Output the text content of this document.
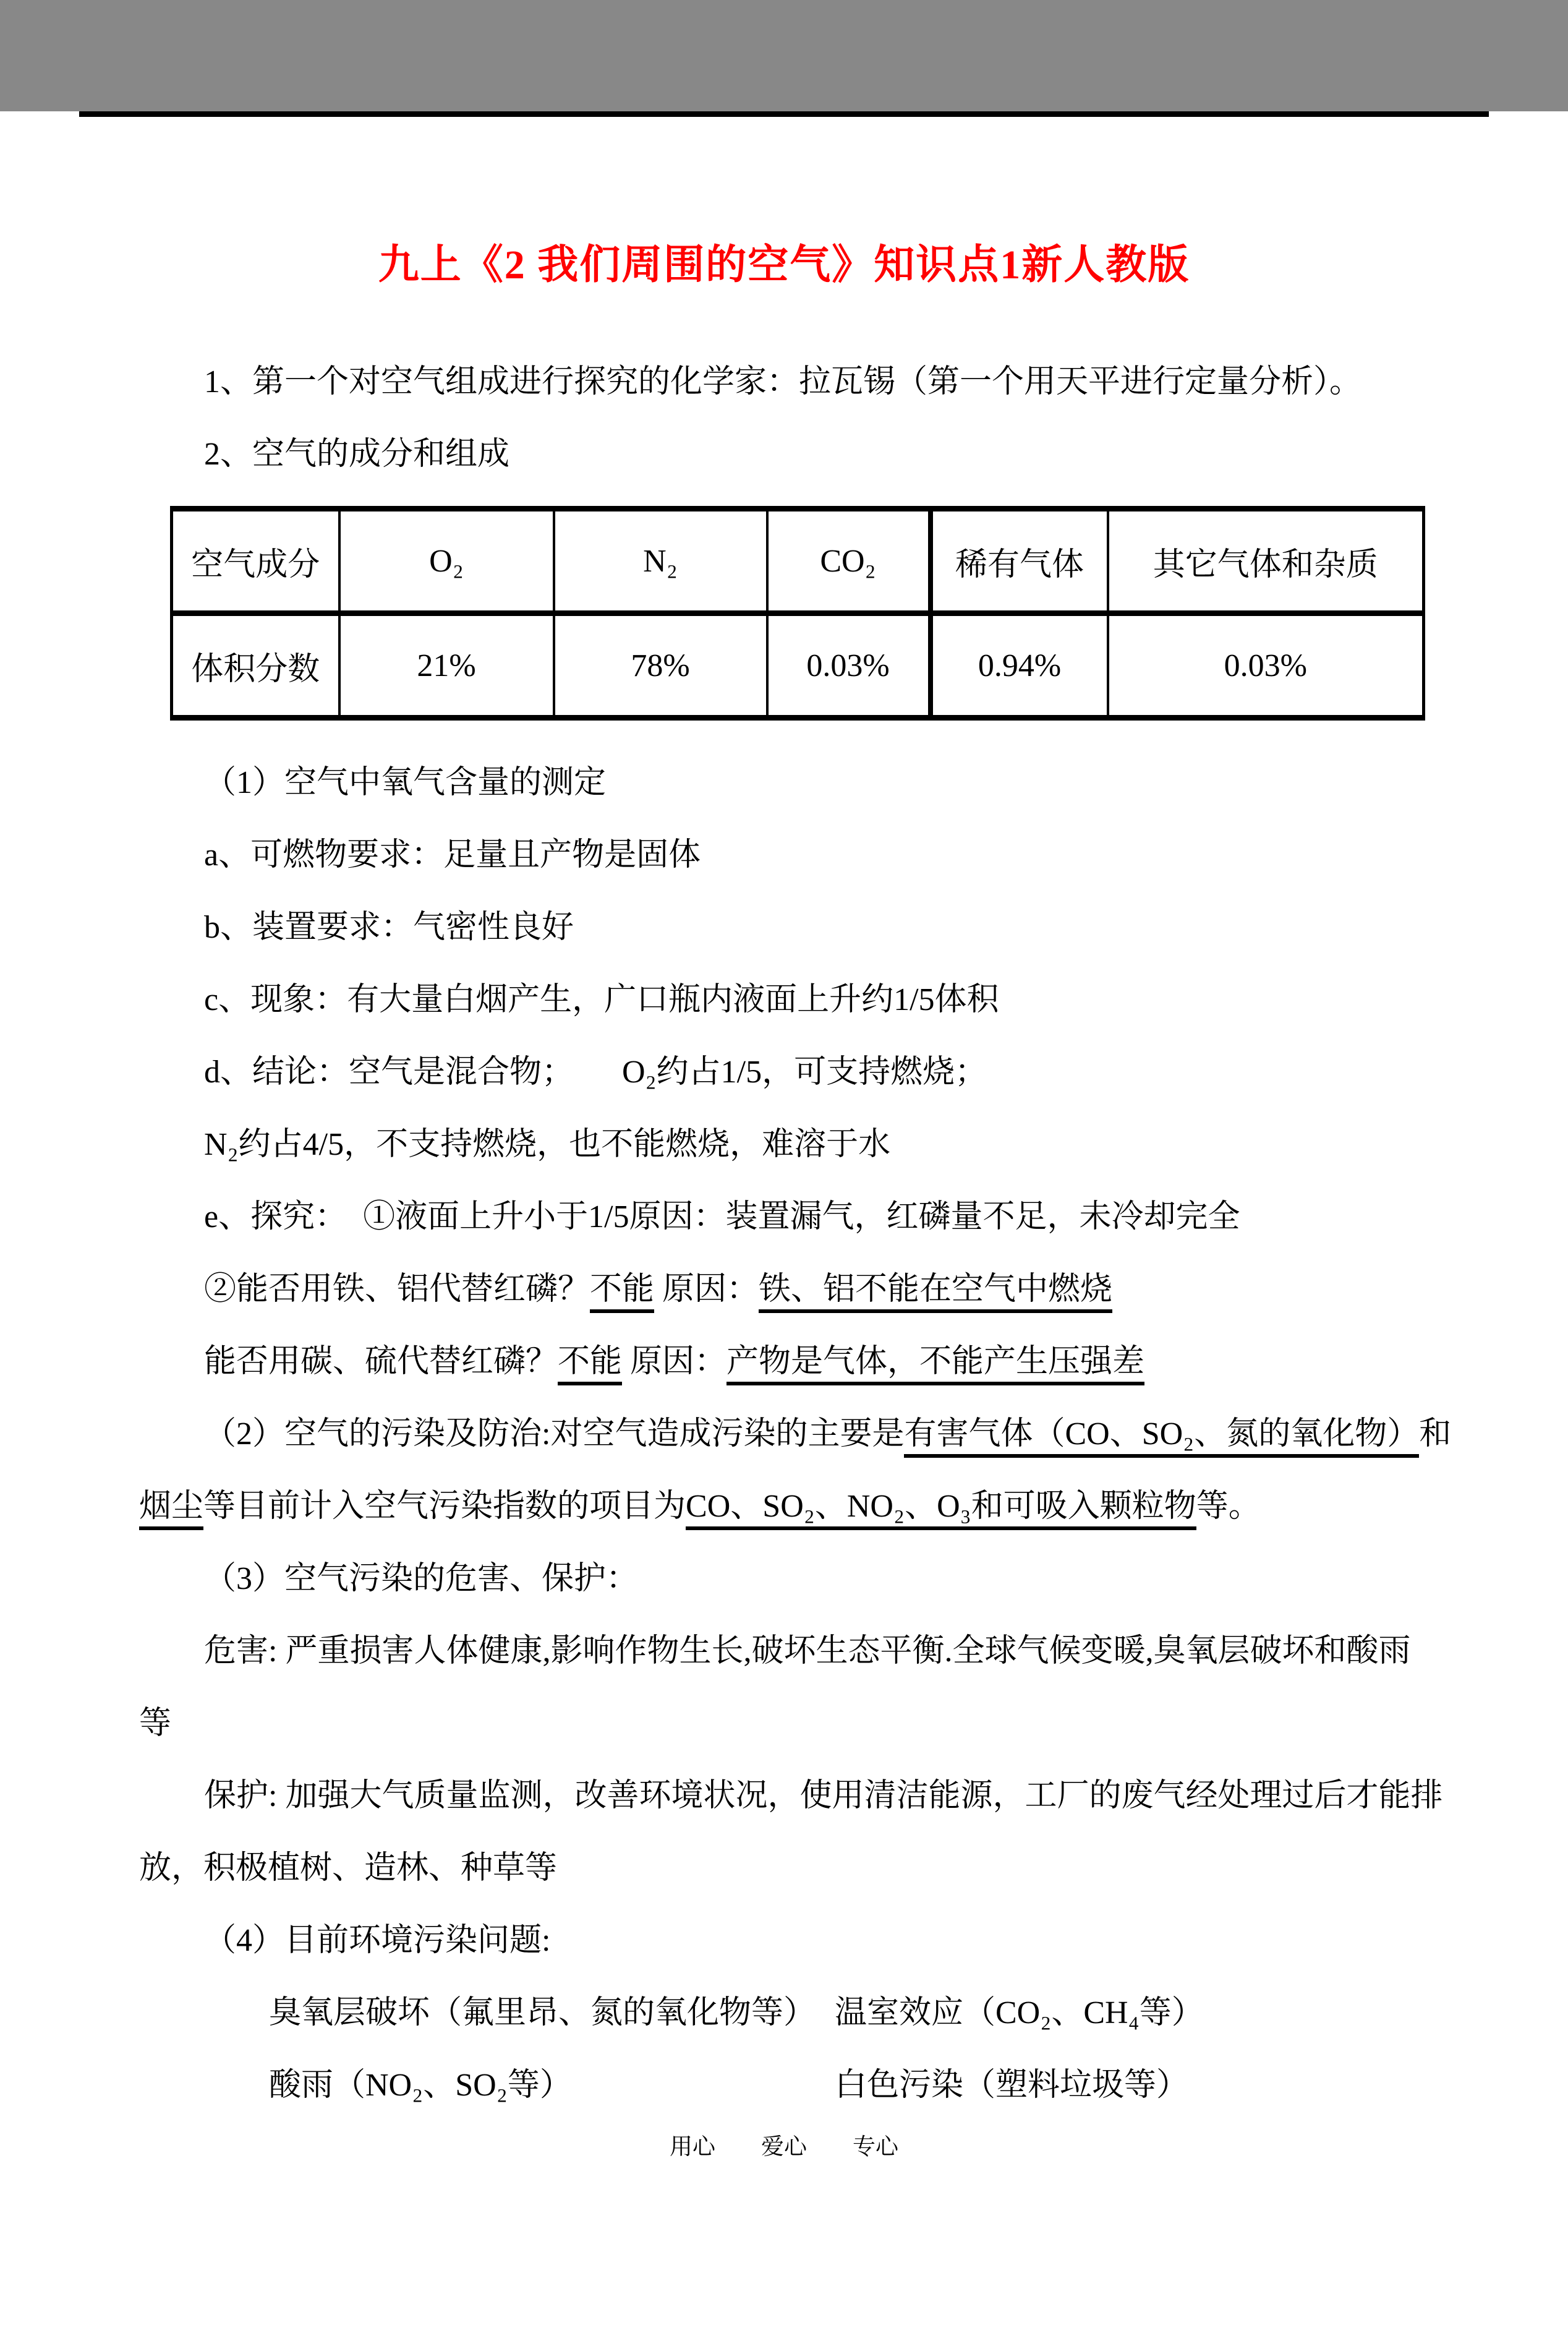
九上《2 我们周围的空气》知识点1新人教版

1、第一个对空气组成进行探究的化学家：拉瓦锡（第一个用天平进行定量分析）。

2、空气的成分和组成

空气成分	O₂	N₂	CO₂	稀有气体	其它气体和杂质
体积分数	21%	78%	0.03%	0.94%	0.03%

（1）空气中氧气含量的测定

a、可燃物要求：足量且产物是固体

b、装置要求：气密性良好

c、现象：有大量白烟产生，广口瓶内液面上升约1/5体积

d、结论：空气是混合物；　　O₂约占1/5，可支持燃烧；

N₂约占4/5，不支持燃烧，也不能燃烧，难溶于水

e、探究：　①液面上升小于1/5原因：装置漏气，红磷量不足，未冷却完全

②能否用铁、铝代替红磷？不能 原因：铁、铝不能在空气中燃烧

能否用碳、硫代替红磷？不能 原因：产物是气体，不能产生压强差

（2）空气的污染及防治:对空气造成污染的主要是有害气体（CO、SO₂、氮的氧化物）和

烟尘等目前计入空气污染指数的项目为CO、SO₂、NO₂、O₃和可吸入颗粒物等。

（3）空气污染的危害、保护：

危害: 严重损害人体健康,影响作物生长,破坏生态平衡.全球气候变暖,臭氧层破坏和酸雨

等

保护: 加强大气质量监测，改善环境状况，使用清洁能源，工厂的废气经处理过后才能排

放，积极植树、造林、种草等

（4）目前环境污染问题:

臭氧层破坏（氟里昂、氮的氧化物等） 温室效应（CO₂、CH₄等）

酸雨（NO₂、SO₂等）	白色污染（塑料垃圾等）

用心　　爱心　　专心
